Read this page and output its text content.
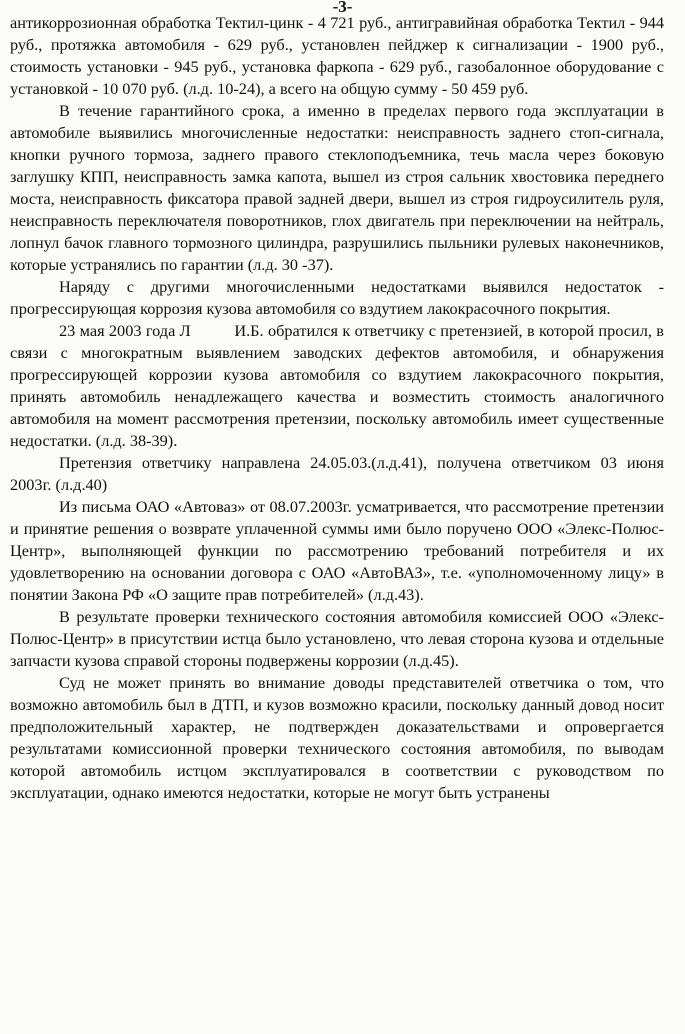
-3-

антикоррозионная обработка Тектил-цинк - 4 721 руб., антигравийная обработка Тектил - 944 руб., протяжка автомобиля - 629 руб., установлен пейджер к сигнализации - 1900 руб., стоимость установки - 945 руб., установка фаркопа - 629 руб., газобалонное оборудование с установкой - 10 070 руб. (л.д. 10-24), а всего на общую сумму - 50 459 руб.

В течение гарантийного срока, а именно в пределах первого года эксплуатации в автомобиле выявились многочисленные недостатки: неисправность заднего стоп-сигнала, кнопки ручного тормоза, заднего правого стеклоподъемника, течь масла через боковую заглушку КПП, неисправность замка капота, вышел из строя сальник хвостовика переднего моста, неисправность фиксатора правой задней двери, вышел из строя гидроусилитель руля, неисправность переключателя поворотников, глох двигатель при переключении на нейтраль, лопнул бачок главного тормозного цилиндра, разрушились пыльники рулевых наконечников, которые устранялись по гарантии (л.д. 30 -37).

Наряду с другими многочисленными недостатками выявился недостаток - прогрессирующая коррозия кузова автомобиля со вздутием лакокрасочного покрытия.

23 мая 2003 года Л          И.Б. обратился к ответчику с претензией, в которой просил, в связи с многократным выявлением заводских дефектов автомобиля, и обнаружения прогрессирующей коррозии кузова автомобиля со вздутием лакокрасочного покрытия, принять автомобиль ненадлежащего качества и возместить стоимость аналогичного автомобиля на момент рассмотрения претензии, поскольку автомобиль имеет существенные недостатки. (л.д. 38-39).

Претензия ответчику направлена 24.05.03.(л.д.41), получена ответчиком 03 июня 2003г. (л.д.40)

Из письма ОАО «Автоваз» от 08.07.2003г. усматривается, что рассмотрение претензии и принятие решения о возврате уплаченной суммы ими было поручено ООО «Элекс-Полюс-Центр», выполняющей функции по рассмотрению требований потребителя и их удовлетворению на основании договора с ОАО «АвтоВАЗ», т.е. «уполномоченному лицу» в понятии Закона РФ «О защите прав потребителей» (л.д.43).

В результате проверки технического состояния автомобиля комиссией ООО «Элекс-Полюс-Центр» в присутствии истца было установлено, что левая сторона кузова и отдельные запчасти кузова справой стороны подвержены коррозии (л.д.45).

Суд не может принять во внимание доводы представителей ответчика о том, что возможно автомобиль был в ДТП, и кузов возможно красили, поскольку данный довод носит предположительный характер, не подтвержден доказательствами и опровергается результатами комиссионной проверки технического состояния автомобиля, по выводам которой автомобиль истцом эксплуатировался в соответствии с руководством по эксплуатации, однако имеются недостатки, которые не могут быть устранены
